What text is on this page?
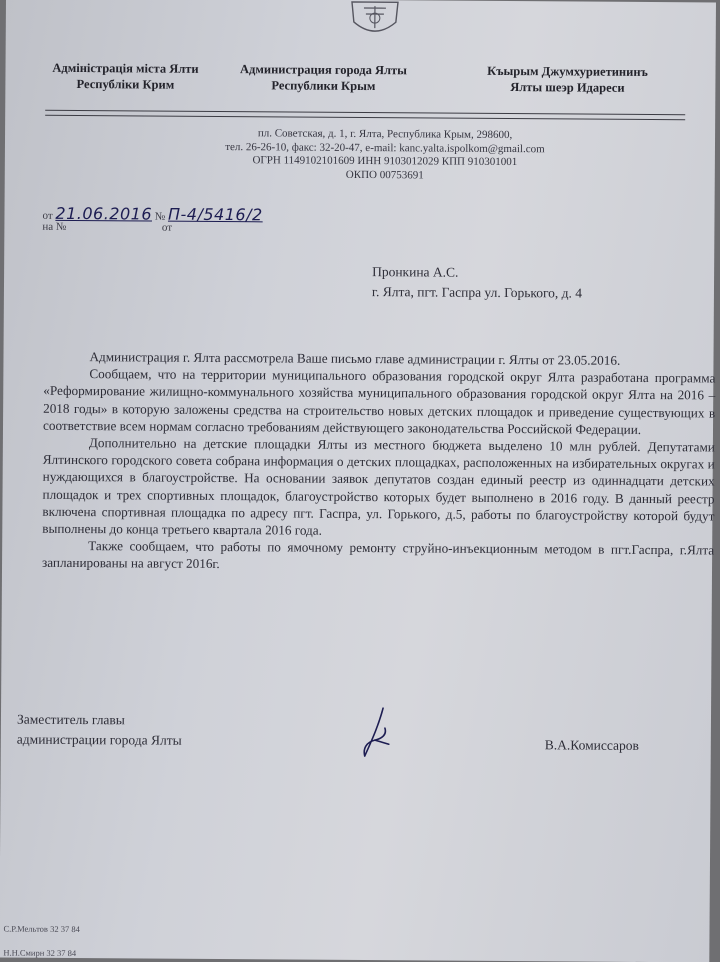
Адміністрація міста Ялти
Республіки Крим
Администрация города Ялты
Республики Крым
Къырым Джумхуриетининъ
Ялты шеэр Идареси
пл. Советская, д. 1, г. Ялта, Республика Крым, 298600,
тел. 26-26-10, факс: 32-20-47, e-mail: kanc.yalta.ispolkom@gmail.com
ОГРН 1149102101609 ИНН 9103012029 КПП 910301001
ОКПО 00753691
от 21.06.2016 № П-4/5416/2
на №	от
Пронкина А.С.
г. Ялта, пгт. Гаспра ул. Горького, д. 4

Администрация г. Ялта рассмотрела Ваше письмо главе администрации г. Ялты от 23.05.2016.

Сообщаем, что на территории муниципального образования городской округ Ялта разработана программа «Реформирование жилищно-коммунального хозяйства муниципального образования городской округ Ялта на 2016 – 2018 годы» в которую заложены средства на строительство новых детских площадок и приведение существующих в соответствие всем нормам согласно требованиям действующего законодательства Российской Федерации.

Дополнительно на детские площадки Ялты из местного бюджета выделено 10 млн рублей. Депутатами Ялтинского городского совета собрана информация о детских площадках, расположенных на избирательных округах и нуждающихся в благоустройстве. На основании заявок депутатов создан единый реестр из одиннадцати детских площадок и трех спортивных площадок, благоустройство которых будет выполнено в 2016 году. В данный реестр включена спортивная площадка по адресу пгт. Гаспра, ул. Горького, д.5, работы по благоустройству которой будут выполнены до конца третьего квартала 2016 года.

Также сообщаем, что работы по ямочному ремонту струйно-инъекционным методом в пгт.Гаспра, г.Ялта запланированы на август 2016г.

Заместитель главы
администрации города Ялты	В.А.Комиссаров
С.Р.Мельтов 32 37 84
Н.Н.Смирн 32 37 84
